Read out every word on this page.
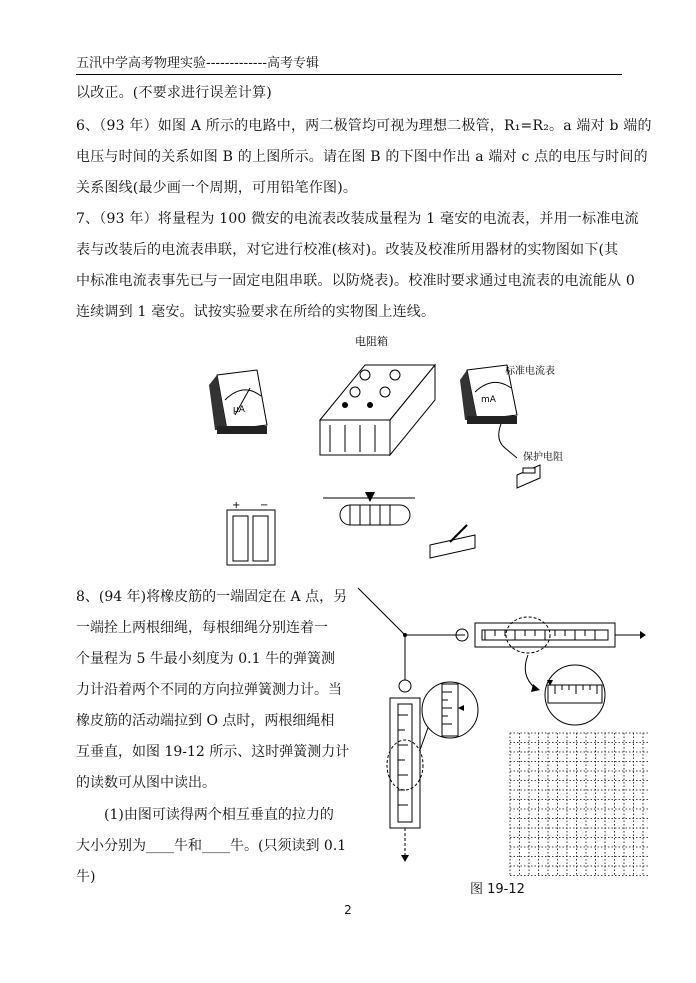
五汛中学高考物理实验-------------高考专辑
以改正。(不要求进行误差计算)
6、（93 年）如图 A 所示的电路中，两二极管均可视为理想二极管，R₁=R₂。a 端对 b 端的
电压与时间的关系如图 B 的上图所示。请在图 B 的下图中作出 a 端对 c 点的电压与时间的
关系图线(最少画一个周期，可用铅笔作图)。
7、（93 年）将量程为 100 微安的电流表改装成量程为 1 毫安的电流表，并用一标准电流
表与改装后的电流表串联，对它进行校准(核对)。改装及校准所用器材的实物图如下(其
中标准电流表事先已与一固定电阻串联。以防烧表)。校准时要求通过电流表的电流能从 0
连续调到 1 毫安。试按实验要求在所给的实物图上连线。
μA
电阻箱
mA
标准电流表
保护电阻
+ −
8、(94 年)将橡皮筋的一端固定在 A 点，另
一端拴上两根细绳，每根细绳分别连着一
个量程为 5 牛最小刻度为 0.1 牛的弹簧测
力计沿着两个不同的方向拉弹簧测力计。当
橡皮筋的活动端拉到 O 点时，两根细绳相
互垂直，如图 19-12 所示、这时弹簧测力计
的读数可从图中读出。
(1)由图可读得两个相互垂直的拉力的
大小分别为____牛和____牛。(只须读到 0.1
牛)
图 19-12
2
